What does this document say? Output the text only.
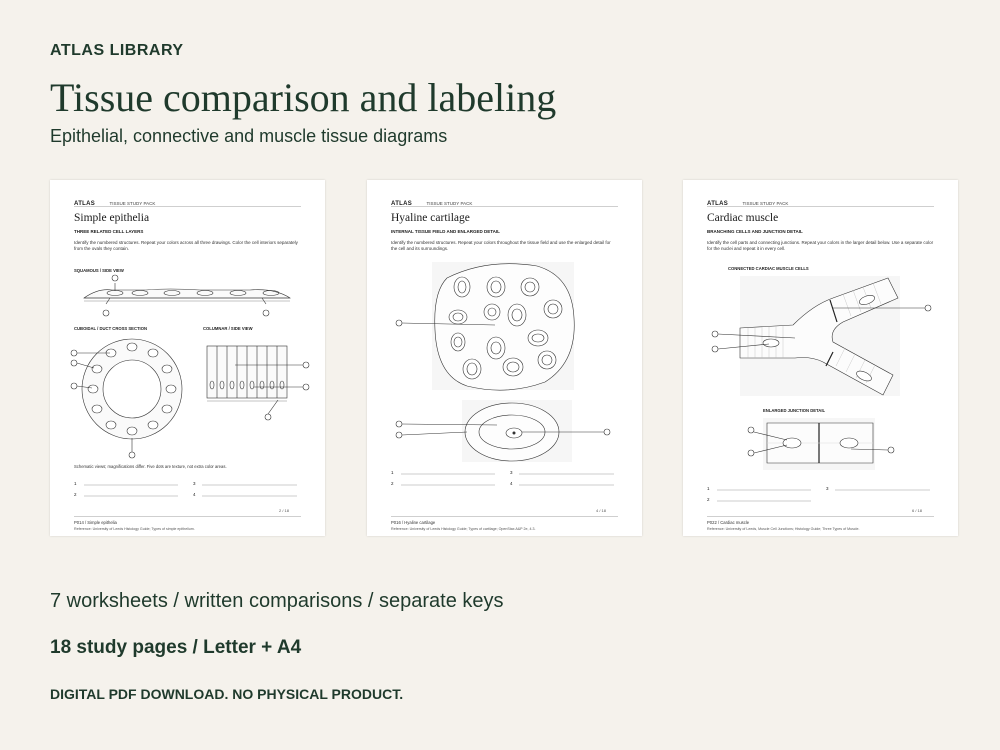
ATLAS LIBRARY
Tissue comparison and labeling
Epithelial, connective and muscle tissue diagrams
ATLAS	TISSUE STUDY PACK
Simple epithelia
THREE RELATED CELL LAYERS
Identify the numbered structures. Repeat your colors across all three drawings. Color the cell interiors separately from the ovals they contain.
SQUAMOUS / SIDE VIEW
CUBOIDAL / DUCT CROSS SECTION	COLUMNAR / SIDE VIEW
Schematic views; magnifications differ. Five dots are texture, not extra color areas.
1
2
3
4
2 / 18
P014 / Simple epithelia
Reference: University of Leeds Histology Guide; Types of simple epithelium.
ATLAS	TISSUE STUDY PACK
Hyaline cartilage
INTERNAL TISSUE FIELD AND ENLARGED DETAIL
Identify the numbered structures. Repeat your colors throughout the tissue field and use the enlarged detail for the cell and its surroundings.
1
2
3
4
4 / 18
P016 / Hyaline cartilage
Reference: University of Leeds Histology Guide; Types of cartilage; OpenStax A&P 2e, 4.3.
ATLAS	TISSUE STUDY PACK
Cardiac muscle
BRANCHING CELLS AND JUNCTION DETAIL
Identify the cell parts and connecting junctions. Repeat your colors in the larger detail below. Use a separate color for the nuclei and repeat it in every cell.
CONNECTED CARDIAC MUSCLE CELLS
ENLARGED JUNCTION DETAIL
1
2
3
6 / 18
P022 / Cardiac muscle
Reference: University of Leeds, Muscle Cell Junctions; Histology Guide; Three Types of Muscle.
7 worksheets / written comparisons / separate keys
18 study pages / Letter + A4
DIGITAL PDF DOWNLOAD. NO PHYSICAL PRODUCT.
